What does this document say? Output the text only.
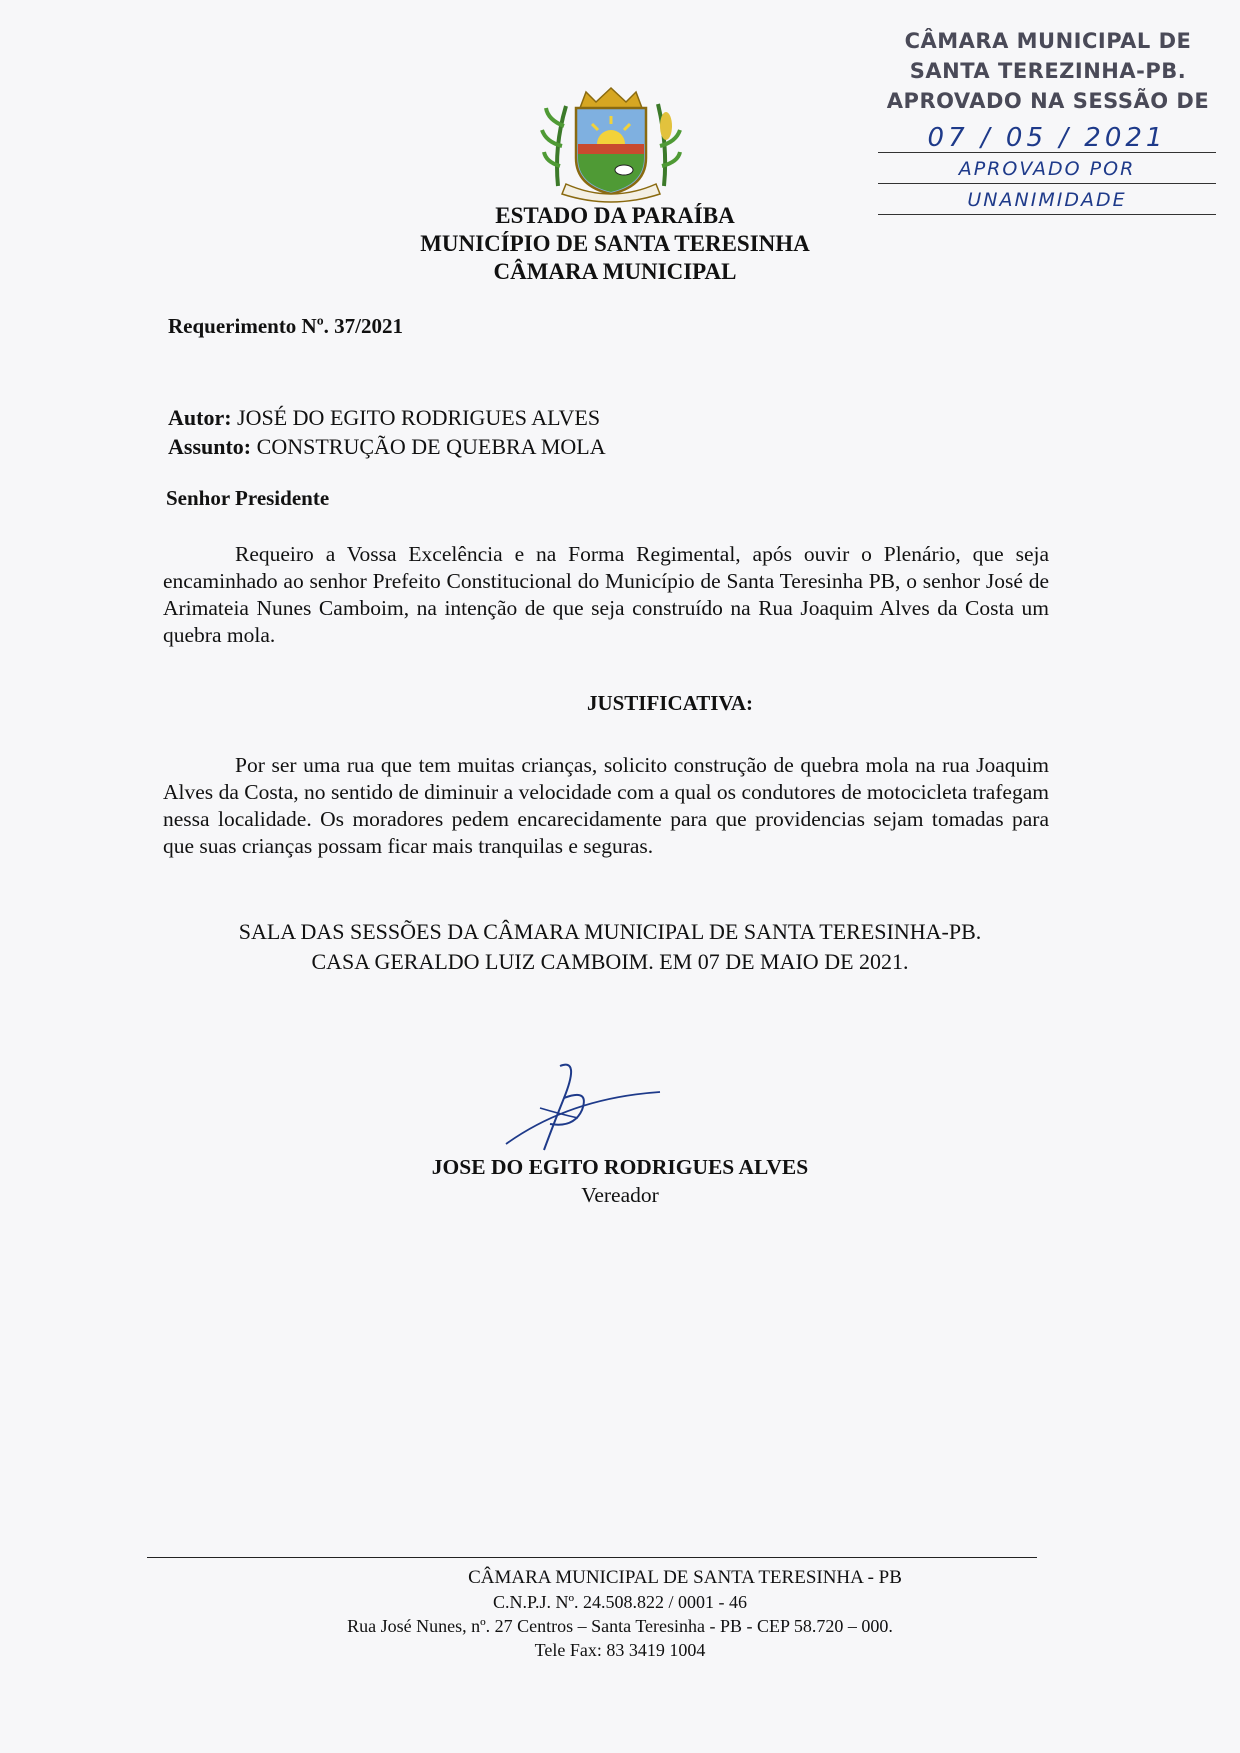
CÂMARA MUNICIPAL DE
SANTA TEREZINHA-PB.
APROVADO NA SESSÃO DE
07 / 05 / 2021
APROVADO POR
UNANIMIDADE
ESTADO DA PARAÍBA
MUNICÍPIO DE SANTA TERESINHA
CÂMARA MUNICIPAL
Requerimento Nº. 37/2021
Autor: JOSÉ DO EGITO RODRIGUES ALVES
Assunto: CONSTRUÇÃO DE QUEBRA MOLA
Senhor Presidente
Requeiro a Vossa Excelência e na Forma Regimental, após ouvir o Plenário, que seja encaminhado ao senhor Prefeito Constitucional do Município de Santa Teresinha PB, o senhor José de Arimateia Nunes Camboim, na intenção de que seja construído na Rua Joaquim Alves da Costa um quebra mola.
JUSTIFICATIVA:
Por ser uma rua que tem muitas crianças, solicito construção de quebra mola na rua Joaquim Alves da Costa, no sentido de diminuir a velocidade com a qual os condutores de motocicleta trafegam nessa localidade. Os moradores pedem encarecidamente para que providencias sejam tomadas para que suas crianças possam ficar mais tranquilas e seguras.
SALA DAS SESSÕES DA CÂMARA MUNICIPAL DE SANTA TERESINHA-PB.
CASA GERALDO LUIZ CAMBOIM. EM 07 DE MAIO DE 2021.
JOSE DO EGITO RODRIGUES ALVES
Vereador
CÂMARA MUNICIPAL DE SANTA TERESINHA - PB
C.N.P.J. Nº. 24.508.822 / 0001 - 46
Rua José Nunes, nº. 27 Centros – Santa Teresinha - PB - CEP 58.720 – 000.
Tele Fax: 83 3419 1004
